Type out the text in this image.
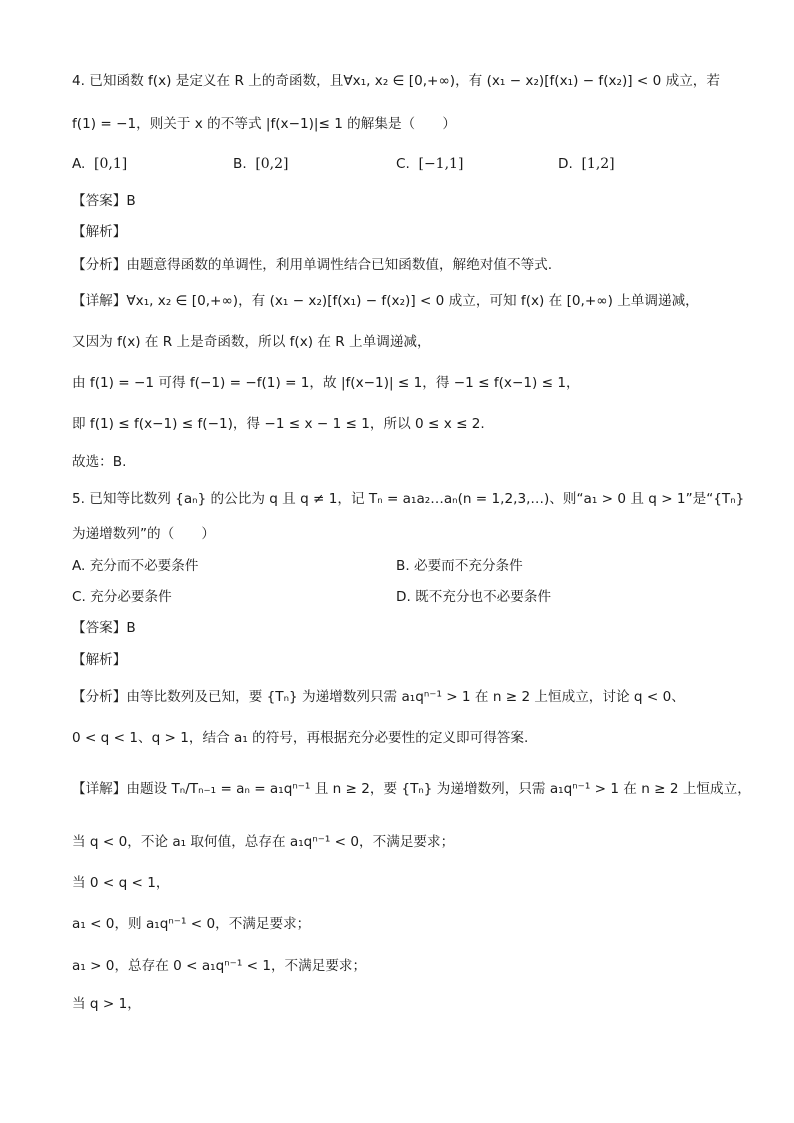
4. 已知函数 f(x) 是定义在 R 上的奇函数，且∀x₁, x₂ ∈ [0,+∞)，有 (x₁ − x₂)[f(x₁) − f(x₂)] < 0 成立，若
f(1) = −1，则关于 x 的不等式 |f(x−1)|≤ 1 的解集是（　　）
A. [0,1]	B. [0,2]	C. [−1,1]	D. [1,2]
【答案】B
【解析】
【分析】由题意得函数的单调性，利用单调性结合已知函数值，解绝对值不等式.
【详解】∀x₁, x₂ ∈ [0,+∞)，有 (x₁ − x₂)[f(x₁) − f(x₂)] < 0 成立，可知 f(x) 在 [0,+∞) 上单调递减，
又因为 f(x) 在 R 上是奇函数，所以 f(x) 在 R 上单调递减，
由 f(1) = −1 可得 f(−1) = −f(1) = 1，故 |f(x−1)| ≤ 1，得 −1 ≤ f(x−1) ≤ 1，
即 f(1) ≤ f(x−1) ≤ f(−1)，得 −1 ≤ x − 1 ≤ 1，所以 0 ≤ x ≤ 2.
故选：B.
5. 已知等比数列 {aₙ} 的公比为 q 且 q ≠ 1，记 Tₙ = a₁a₂…aₙ(n = 1,2,3,…)、则“a₁ > 0 且 q > 1”是“{Tₙ}
为递增数列”的（　　）
A. 充分而不必要条件	B. 必要而不充分条件
C. 充分必要条件	D. 既不充分也不必要条件
【答案】B
【解析】
【分析】由等比数列及已知，要 {Tₙ} 为递增数列只需 a₁qⁿ⁻¹ > 1 在 n ≥ 2 上恒成立，讨论 q < 0、
0 < q < 1、q > 1，结合 a₁ 的符号，再根据充分必要性的定义即可得答案.
【详解】由题设 Tₙ/Tₙ₋₁ = aₙ = a₁qⁿ⁻¹ 且 n ≥ 2，要 {Tₙ} 为递增数列，只需 a₁qⁿ⁻¹ > 1 在 n ≥ 2 上恒成立，
当 q < 0，不论 a₁ 取何值，总存在 a₁qⁿ⁻¹ < 0，不满足要求；
当 0 < q < 1，
a₁ < 0，则 a₁qⁿ⁻¹ < 0，不满足要求；
a₁ > 0，总存在 0 < a₁qⁿ⁻¹ < 1，不满足要求；
当 q > 1，
